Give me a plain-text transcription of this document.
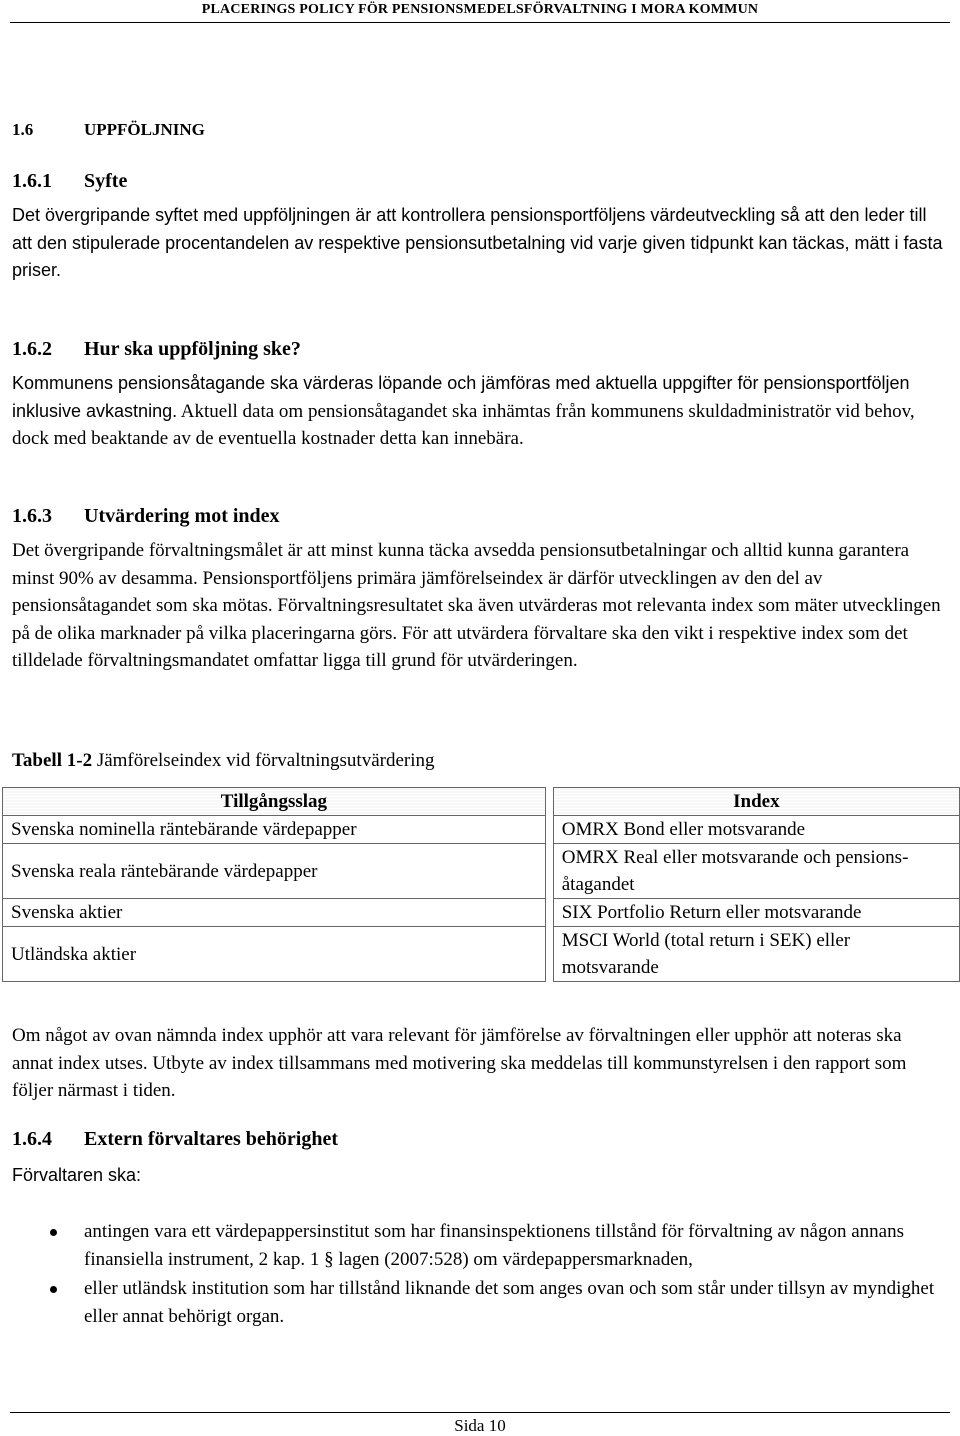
PLACERINGS POLICY FÖR PENSIONSMEDELSFÖRVALTNING I MORA KOMMUN
1.6	UPPFÖLJNING
1.6.1 Syfte
Det övergripande syftet med uppföljningen är att kontrollera pensionsportföljens värdeutveckling så att den leder till att den stipulerade procentandelen av respektive pensionsutbetalning vid varje given tidpunkt kan täckas, mätt i fasta priser.
1.6.2 Hur ska uppföljning ske?
Kommunens pensionsåtagande ska värderas löpande och jämföras med aktuella uppgifter för pensionsportföljen inklusive avkastning. Aktuell data om pensionsåtagandet ska inhämtas från kommunens skuldadministratör vid behov, dock med beaktande av de eventuella kostnader detta kan innebära.
1.6.3 Utvärdering mot index
Det övergripande förvaltningsmålet är att minst kunna täcka avsedda pensionsutbetalningar och alltid kunna garantera minst 90% av desamma. Pensionsportföljens primära jämförelseindex är därför utvecklingen av den del av pensionsåtagandet som ska mötas. Förvaltningsresultatet ska även utvärderas mot relevanta index som mäter utvecklingen på de olika marknader på vilka placeringarna görs. För att utvärdera förvaltare ska den vikt i respektive index som det tilldelade förvaltningsmandatet omfattar ligga till grund för utvärderingen.
Tabell 1-2 Jämförelseindex vid förvaltningsutvärdering
Tillgångsslag		Index
Svenska nominella räntebärande värdepapper		OMRX Bond eller motsvarande
Svenska reala räntebärande värdepapper		OMRX Real eller motsvarande och pensions-åtagandet
Svenska aktier		SIX Portfolio Return eller motsvarande
Utländska aktier		MSCI World (total return i SEK) eller motsvarande
Om något av ovan nämnda index upphör att vara relevant för jämförelse av förvaltningen eller upphör att noteras ska annat index utses. Utbyte av index tillsammans med motivering ska meddelas till kommunstyrelsen i den rapport som följer närmast i tiden.
1.6.4 Extern förvaltares behörighet
Förvaltaren ska:
antingen vara ett värdepappersinstitut som har finansinspektionens tillstånd för förvaltning av någon annans finansiella instrument, 2 kap. 1 § lagen (2007:528) om värdepappersmarknaden,
eller utländsk institution som har tillstånd liknande det som anges ovan och som står under tillsyn av myndighet eller annat behörigt organ.
Sida 10
